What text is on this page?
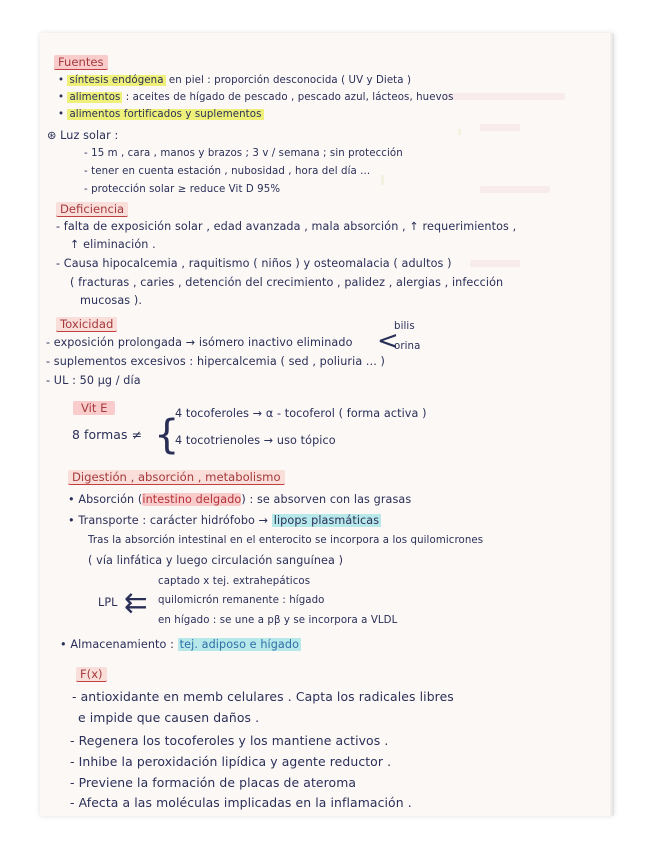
Fuentes
• síntesis endógena en piel : proporción desconocida ( UV y Dieta )
• alimentos : aceites de hígado de pescado , pescado azul, lácteos, huevos
• alimentos fortificados y suplementos
⊛ Luz solar :
- 15 m , cara , manos y brazos ; 3 v / semana ; sin protección
- tener en cuenta estación , nubosidad , hora del día ...
- protección solar ≥ reduce Vit D 95%
Deficiencia
- falta de exposición solar , edad avanzada , mala absorción , ↑ requerimientos ,
↑ eliminación .
- Causa hipocalcemia , raquitismo ( niños ) y osteomalacia ( adultos )
( fracturas , caries , detención del crecimiento , palidez , alergias , infección
mucosas ).
Toxicidad
- exposición prolongada → isómero inactivo eliminado <
bilis
orina
- suplementos excesivos : hipercalcemia ( sed , poliuria ... )
- UL : 50 µg / día
Vit E
8 formas ≠ {
4 tocoferoles → α - tocoferol ( forma activa )
4 tocotrienoles → uso tópico
Digestión , absorción , metabolismo
• Absorción (intestino delgado) : se absorven con las grasas
• Transporte : carácter hidrófobo → lipops plasmáticas
Tras la absorción intestinal en el enterocito se incorpora a los quilomicrones
( vía linfática y luego circulación sanguínea )
LPL ⇇
captado x tej. extrahepáticos
quilomicrón remanente : hígado
en hígado : se une a pβ y se incorpora a VLDL
• Almacenamiento : tej. adiposo e hígado
F(x)
- antioxidante en memb celulares . Capta los radicales libres
e impide que causen daños .
- Regenera los tocoferoles y los mantiene activos .
- Inhibe la peroxidación lipídica y agente reductor .
- Previene la formación de placas de ateroma
- Afecta a las moléculas implicadas en la inflamación .
